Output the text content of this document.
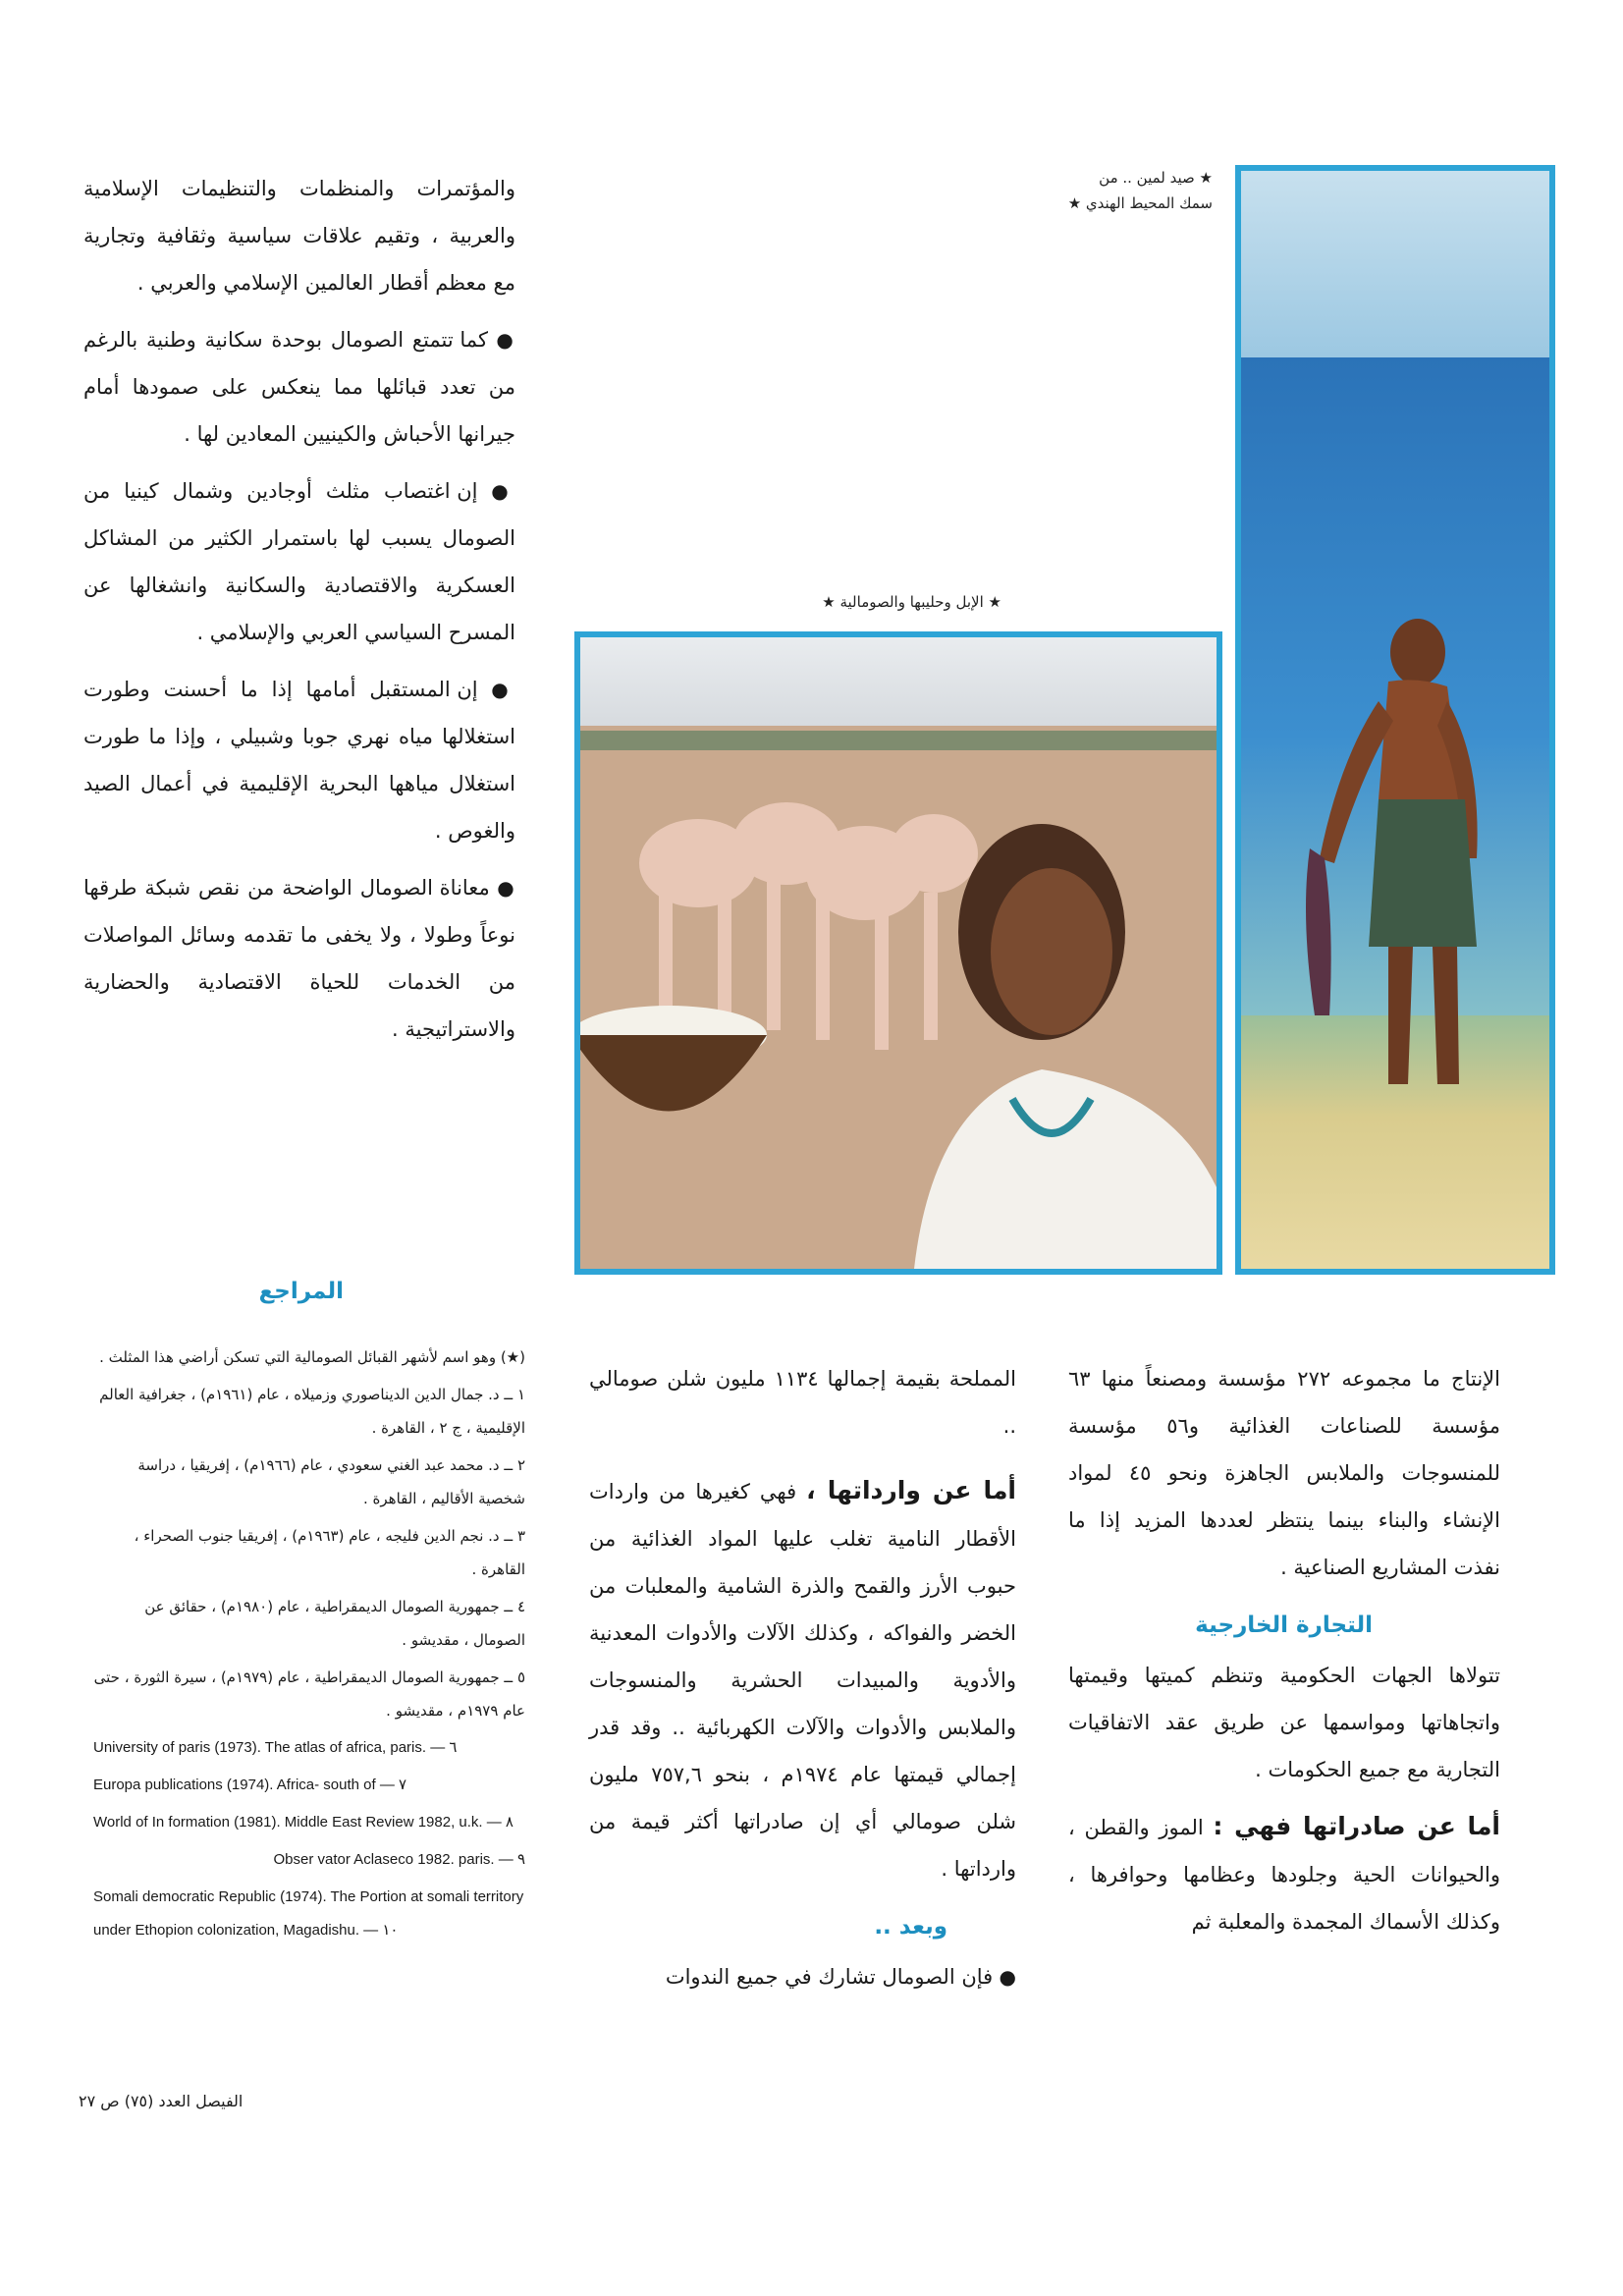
والمؤتمرات والمنظمات والتنظيمات الإسلامية والعربية ، وتقيم علاقات سياسية وثقافية وتجارية مع معظم أقطار العالمين الإسلامي والعربي .

● كما تتمتع الصومال بوحدة سكانية وطنية بالرغم من تعدد قبائلها مما ينعكس على صمودها أمام جيرانها الأحباش والكينيين المعادين لها .

● إن اغتصاب مثلث أوجادين وشمال كينيا من الصومال يسبب لها باستمرار الكثير من المشاكل العسكرية والاقتصادية والسكانية وانشغالها عن المسرح السياسي العربي والإسلامي .

● إن المستقبل أمامها إذا ما أحسنت وطورت استغلالها مياه نهري جوبا وشبيلي ، وإذا ما طورت استغلال مياهها البحرية الإقليمية في أعمال الصيد والغوص .

● معاناة الصومال الواضحة من نقص شبكة طرقها نوعاً وطولا ، ولا يخفى ما تقدمه وسائل المواصلات من الخدمات للحياة الاقتصادية والحضارية والاستراتيجية .

★ صيد لمين .. من سمك المحيط الهندي ★
★ الإبل وحليبها والصومالية ★
المراجع
(★) وهو اسم لأشهر القبائل الصومالية التي تسكن أراضي هذا المثلث .
١ ــ د. جمال الدين الديناصوري وزميلاه ، عام (١٩٦١م) ، جغرافية العالم الإقليمية ، ج ٢ ، القاهرة .
٢ ــ د. محمد عبد الغني سعودي ، عام (١٩٦٦م) ، إفريقيا ، دراسة شخصية الأقاليم ، القاهرة .
٣ ــ د. نجم الدين فليجه ، عام (١٩٦٣م) ، إفريقيا جنوب الصحراء ، القاهرة .
٤ ــ جمهورية الصومال الديمقراطية ، عام (١٩٨٠م) ، حقائق عن الصومال ، مقديشو .
٥ ــ جمهورية الصومال الديمقراطية ، عام (١٩٧٩م) ، سيرة الثورة ، حتى عام ١٩٧٩م ، مقديشو .
University of paris (1973). The atlas of africa, paris. — ٦
Europa publications (1974). Africa- south of — ٧
World of In formation (1981). Middle East Review 1982, u.k. — ٨
Obser vator Aclaseco 1982. paris. — ٩
Somali democratic Republic (1974). The Portion at somali territory under Ethopion colonization, Magadishu. — ١٠

المملحة بقيمة إجمالها ١١٣٤ مليون شلن صومالي ..

أما عن وارداتها ، فهي كغيرها من واردات الأقطار النامية تغلب عليها المواد الغذائية من حبوب الأرز والقمح والذرة الشامية والمعلبات من الخضر والفواكه ، وكذلك الآلات والأدوات المعدنية والأدوية والمبيدات الحشرية والمنسوجات والملابس والأدوات والآلات الكهربائية .. وقد قدر إجمالي قيمتها عام ١٩٧٤م ، بنحو ٧٥٧,٦ مليون شلن صومالي أي إن صادراتها أكثر قيمة من وارداتها .

وبعد ..

● فإن الصومال تشارك في جميع الندوات

الإنتاج ما مجموعه ٢٧٢ مؤسسة ومصنعاً منها ٦٣ مؤسسة للصناعات الغذائية و٥٦ مؤسسة للمنسوجات والملابس الجاهزة ونحو ٤٥ لمواد الإنشاء والبناء بينما ينتظر لعددها المزيد إذا ما نفذت المشاريع الصناعية .

التجارة الخارجية

تتولاها الجهات الحكومية وتنظم كميتها وقيمتها واتجاهاتها ومواسمها عن طريق عقد الاتفاقيات التجارية مع جميع الحكومات .

أما عن صادراتها فهي : الموز والقطن ، والحيوانات الحية وجلودها وعظامها وحوافرها ، وكذلك الأسماك المجمدة والمعلبة ثم

الفيصل العدد (٧٥) ص ٢٧
